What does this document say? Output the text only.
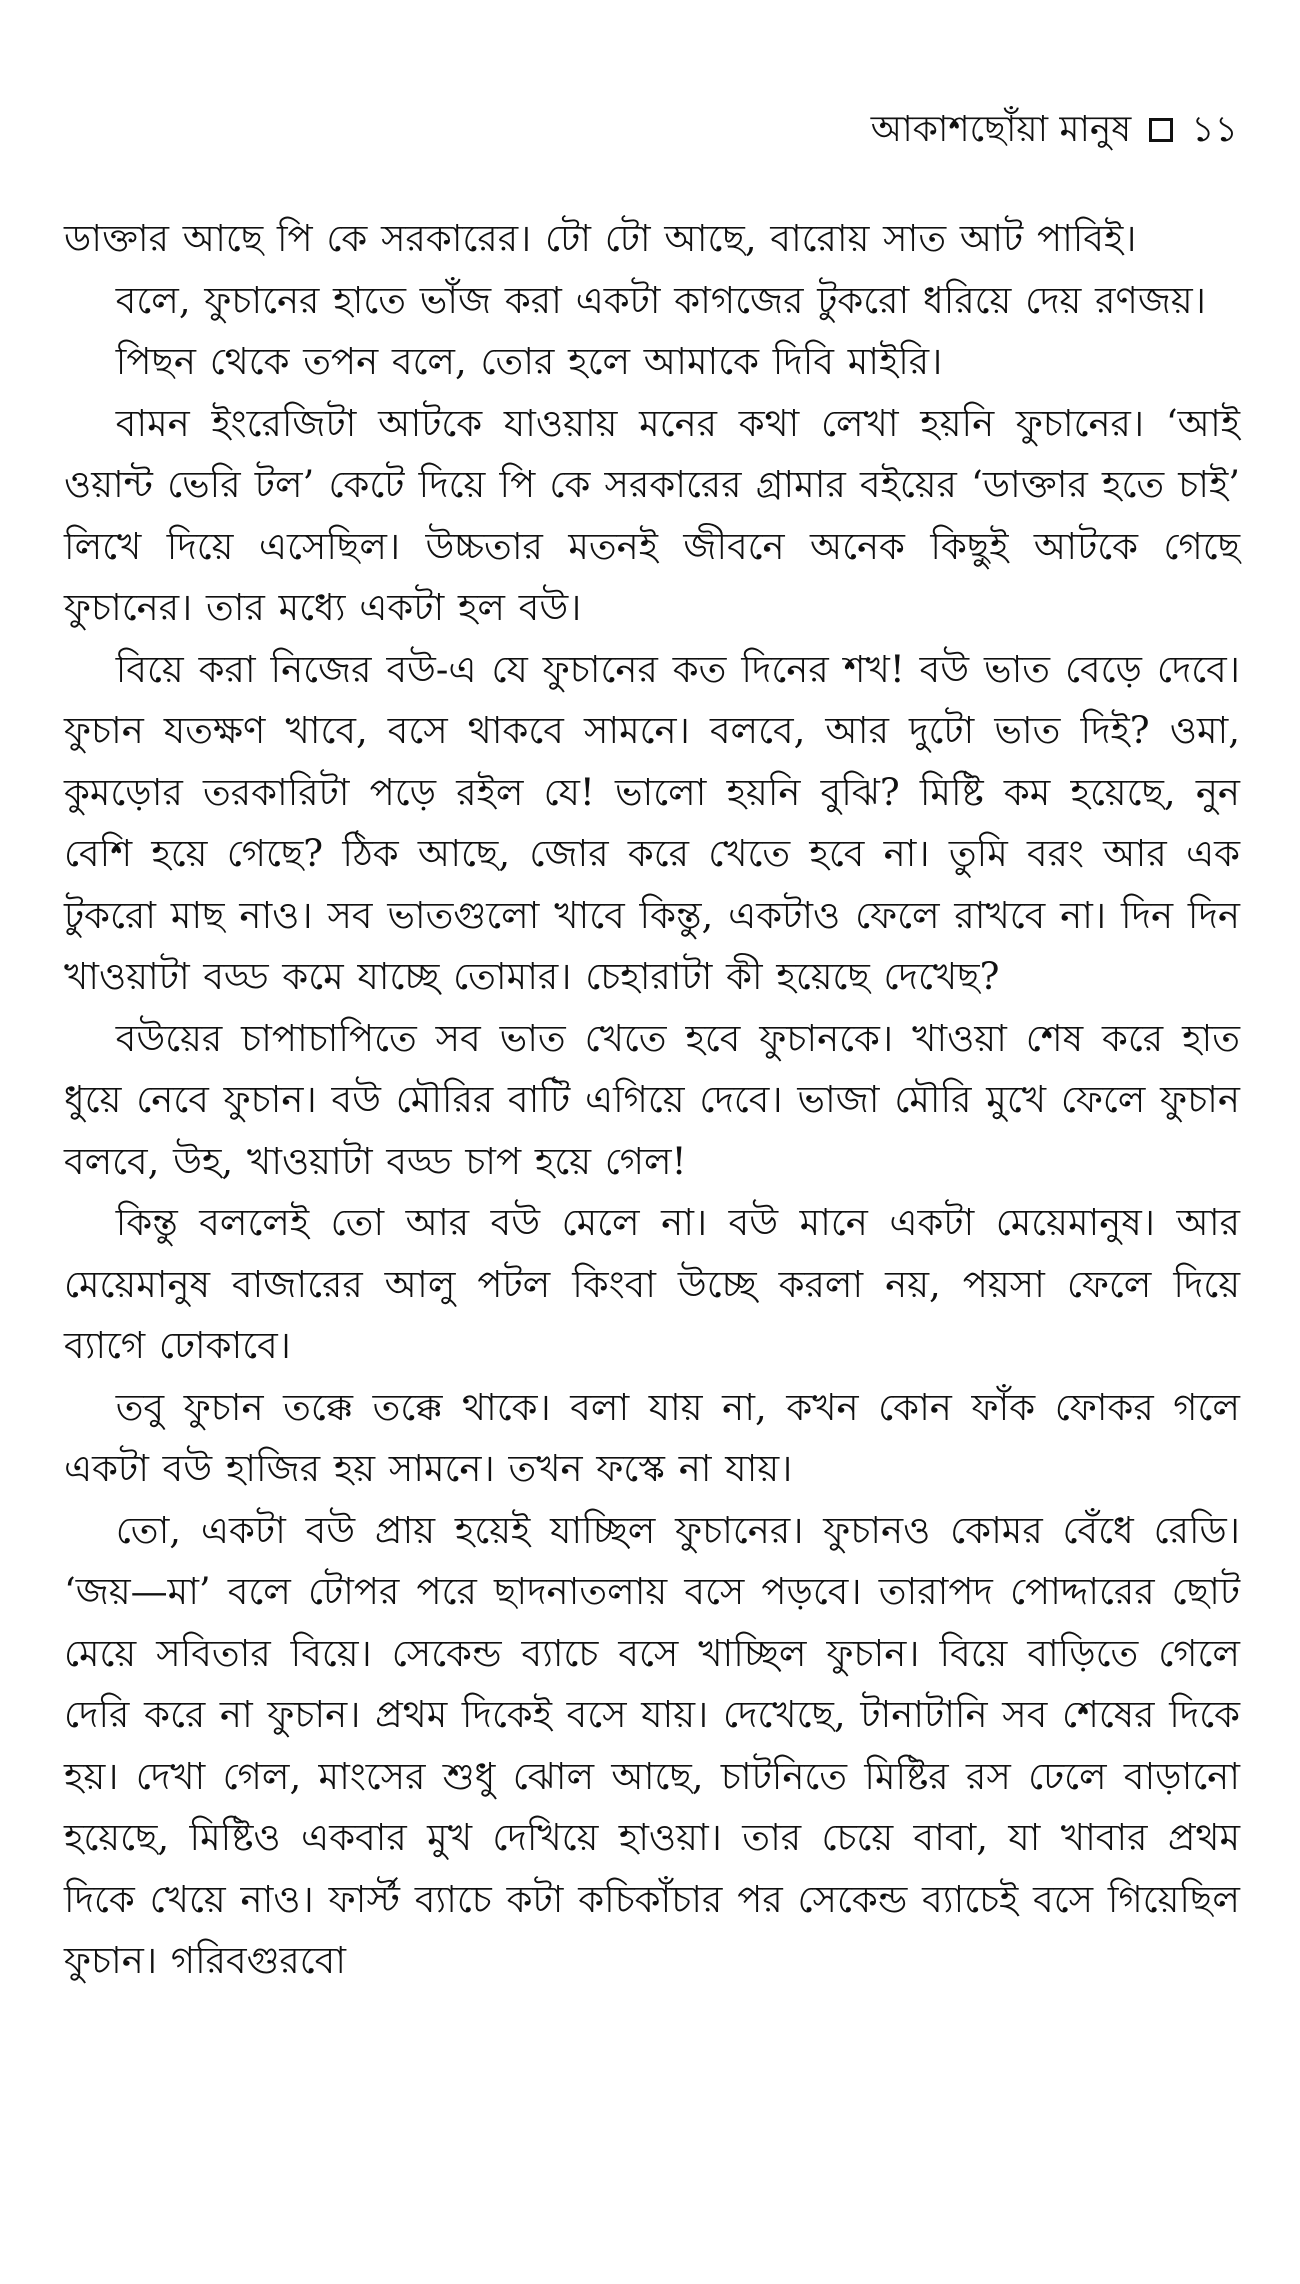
আকাশছোঁয়া মানুষ ১১

ডাক্তার আছে পি কে সরকারের। টো টো আছে, বারোয় সাত আট পাবিই।

বলে, ফুচানের হাতে ভাঁজ করা একটা কাগজের টুকরো ধরিয়ে দেয় রণজয়।

পিছন থেকে তপন বলে, তোর হলে আমাকে দিবি মাইরি।

বামন ইংরেজিটা আটকে যাওয়ায় মনের কথা লেখা হয়নি ফুচানের। ‘আই ওয়ান্ট ভেরি টল’ কেটে দিয়ে পি কে সরকারের গ্রামার বইয়ের ‘ডাক্তার হতে চাই’ লিখে দিয়ে এসেছিল। উচ্চতার মতনই জীবনে অনেক কিছুই আটকে গেছে ফুচানের। তার মধ্যে একটা হল বউ।

বিয়ে করা নিজের বউ-এ যে ফুচানের কত দিনের শখ! বউ ভাত বেড়ে দেবে। ফুচান যতক্ষণ খাবে, বসে থাকবে সামনে। বলবে, আর দুটো ভাত দিই? ওমা, কুমড়োর তরকারিটা পড়ে রইল যে! ভালো হয়নি বুঝি? মিষ্টি কম হয়েছে, নুন বেশি হয়ে গেছে? ঠিক আছে, জোর করে খেতে হবে না। তুমি বরং আর এক টুকরো মাছ নাও। সব ভাতগুলো খাবে কিন্তু, একটাও ফেলে রাখবে না। দিন দিন খাওয়াটা বড্ড কমে যাচ্ছে তোমার। চেহারাটা কী হয়েছে দেখেছ?

বউয়ের চাপাচাপিতে সব ভাত খেতে হবে ফুচানকে। খাওয়া শেষ করে হাত ধুয়ে নেবে ফুচান। বউ মৌরির বাটি এগিয়ে দেবে। ভাজা মৌরি মুখে ফেলে ফুচান বলবে, উহ, খাওয়াটা বড্ড চাপ হয়ে গেল!

কিন্তু বললেই তো আর বউ মেলে না। বউ মানে একটা মেয়েমানুষ। আর মেয়েমানুষ বাজারের আলু পটল কিংবা উচ্ছে করলা নয়, পয়সা ফেলে দিয়ে ব্যাগে ঢোকাবে।

তবু ফুচান তক্কে তক্কে থাকে। বলা যায় না, কখন কোন ফাঁক ফোকর গলে একটা বউ হাজির হয় সামনে। তখন ফস্কে না যায়।

তো, একটা বউ প্রায় হয়েই যাচ্ছিল ফুচানের। ফুচানও কোমর বেঁধে রেডি। ‘জয়—মা’ বলে টোপর পরে ছাদনাতলায় বসে পড়বে। তারাপদ পোদ্দারের ছোট মেয়ে সবিতার বিয়ে। সেকেন্ড ব্যাচে বসে খাচ্ছিল ফুচান। বিয়ে বাড়িতে গেলে দেরি করে না ফুচান। প্রথম দিকেই বসে যায়। দেখেছে, টানাটানি সব শেষের দিকে হয়। দেখা গেল, মাংসের শুধু ঝোল আছে, চাটনিতে মিষ্টির রস ঢেলে বাড়ানো হয়েছে, মিষ্টিও একবার মুখ দেখিয়ে হাওয়া। তার চেয়ে বাবা, যা খাবার প্রথম দিকে খেয়ে নাও। ফার্স্ট ব্যাচে কটা কচিকাঁচার পর সেকেন্ড ব্যাচেই বসে গিয়েছিল ফুচান। গরিবগুরবো
